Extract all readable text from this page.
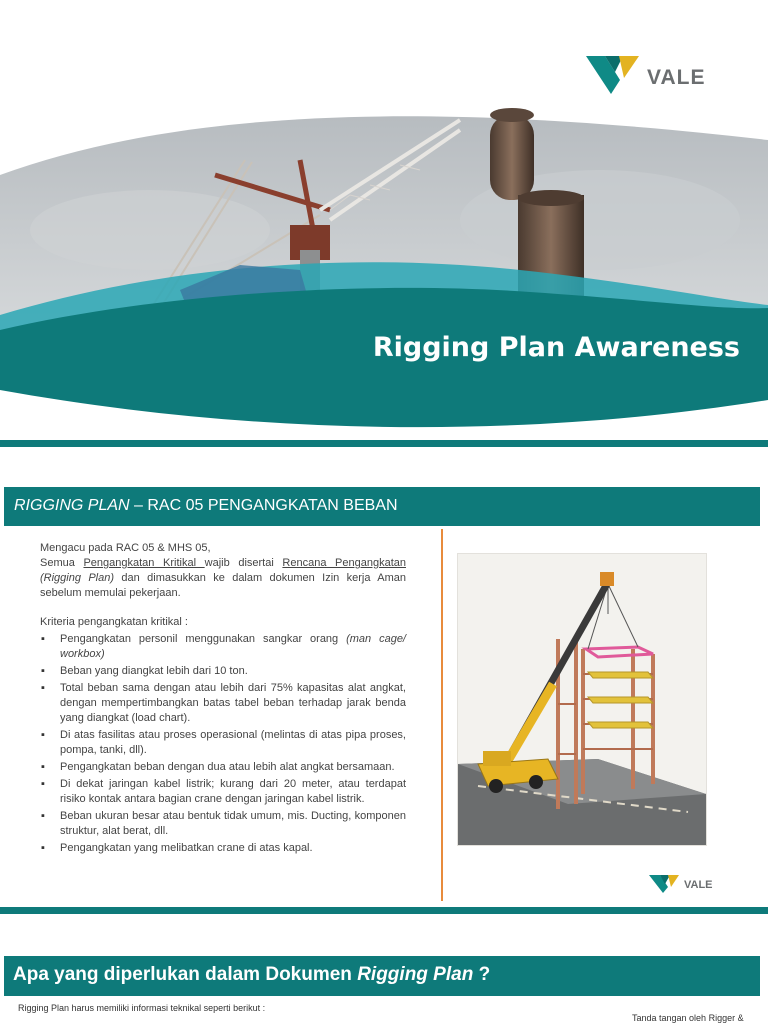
VALE
Rigging Plan Awareness
RIGGING PLAN – RAC 05 PENGANGKATAN BEBAN

Mengacu pada RAC 05 & MHS 05,

Semua Pengangkatan Kritikal wajib disertai Rencana Pengangkatan (Rigging Plan) dan dimasukkan ke dalam dokumen Izin kerja Aman sebelum memulai pekerjaan.

Kriteria pengangkatan kritikal :

▪ Pengangkatan personil menggunakan sangkar orang (man cage/ workbox)
▪ Beban yang diangkat lebih dari 10 ton.
▪ Total beban sama dengan atau lebih dari 75% kapasitas alat angkat, dengan mempertimbangkan batas tabel beban terhadap jarak benda yang diangkat (load chart).
▪ Di atas fasilitas atau proses operasional (melintas di atas pipa proses, pompa, tanki, dll).
▪ Pengangkatan beban dengan dua atau lebih alat angkat bersamaan.
▪ Di dekat jaringan kabel listrik; kurang dari 20 meter, atau terdapat risiko kontak antara bagian crane dengan jaringan kabel listrik.
▪ Beban ukuran besar atau bentuk tidak umum, mis. Ducting, komponen struktur, alat berat, dll.
▪ Pengangkatan yang melibatkan crane di atas kapal.
VALE
Apa yang diperlukan dalam Dokumen Rigging Plan ?
Rigging Plan harus memiliki informasi teknikal seperti berikut :
Tanda tangan oleh Rigger &
